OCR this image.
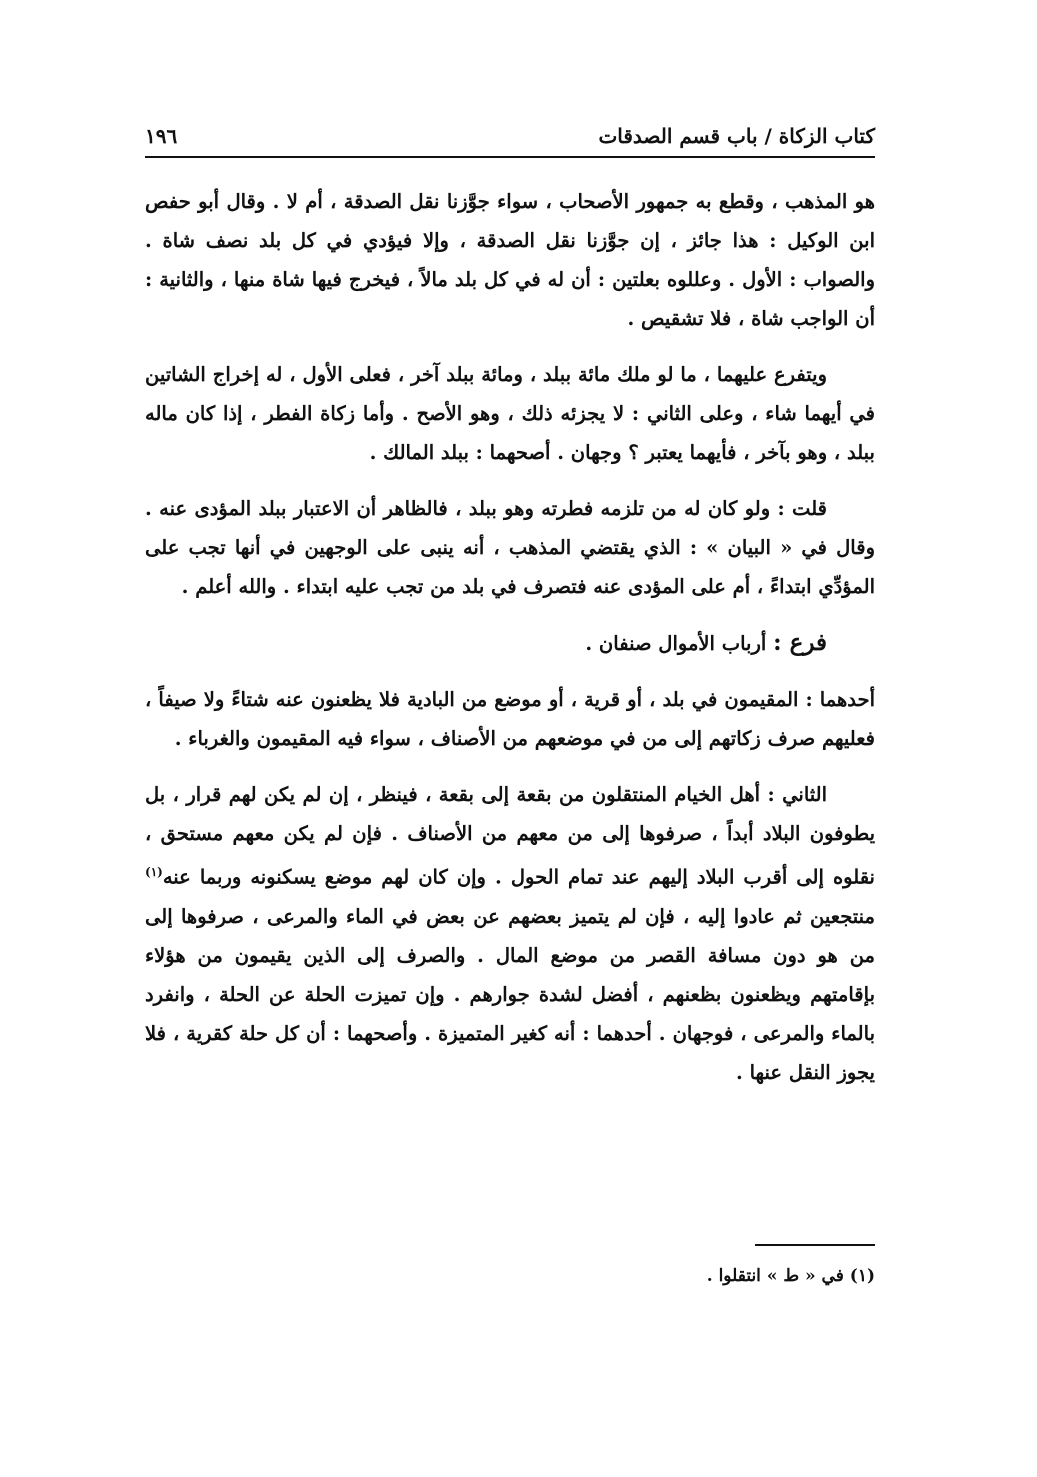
كتاب الزكاة / باب قسم الصدقات
١٩٦

هو المذهب ، وقطع به جمهور الأصحاب ، سواء جوَّزنا نقل الصدقة ، أم لا . وقال أبو حفص ابن الوكيل : هذا جائز ، إن جوَّزنا نقل الصدقة ، وإلا فيؤدي في كل بلد نصف شاة . والصواب : الأول . وعللوه بعلتين : أن له في كل بلد مالاً ، فيخرج فيها شاة منها ، والثانية : أن الواجب شاة ، فلا تشقيص .

ويتفرع عليهما ، ما لو ملك مائة ببلد ، ومائة ببلد آخر ، فعلى الأول ، له إخراج الشاتين في أيهما شاء ، وعلى الثاني : لا يجزئه ذلك ، وهو الأصح . وأما زكاة الفطر ، إذا كان ماله ببلد ، وهو بآخر ، فأيهما يعتبر ؟ وجهان . أصحهما : ببلد المالك .

قلت : ولو كان له من تلزمه فطرته وهو ببلد ، فالظاهر أن الاعتبار ببلد المؤدى عنه . وقال في « البيان » : الذي يقتضي المذهب ، أنه ينبى على الوجهين في أنها تجب على المؤدِّي ابتداءً ، أم على المؤدى عنه فتصرف في بلد من تجب عليه ابتداء . والله أعلم .

فرع : أرباب الأموال صنفان .

أحدهما : المقيمون في بلد ، أو قرية ، أو موضع من البادية فلا يظعنون عنه شتاءً ولا صيفاً ، فعليهم صرف زكاتهم إلى من في موضعهم من الأصناف ، سواء فيه المقيمون والغرباء .

الثاني : أهل الخيام المنتقلون من بقعة إلى بقعة ، فينظر ، إن لم يكن لهم قرار ، بل يطوفون البلاد أبداً ، صرفوها إلى من معهم من الأصناف . فإن لم يكن معهم مستحق ، نقلوه إلى أقرب البلاد إليهم عند تمام الحول . وإن كان لهم موضع يسكنونه وربما عنه$^{(١)}$ منتجعين ثم عادوا إليه ، فإن لم يتميز بعضهم عن بعض في الماء والمرعى ، صرفوها إلى من هو دون مسافة القصر من موضع المال . والصرف إلى الذين يقيمون من هؤلاء بإقامتهم ويظعنون بظعنهم ، أفضل لشدة جوارهم . وإن تميزت الحلة عن الحلة ، وانفرد بالماء والمرعى ، فوجهان . أحدهما : أنه كغير المتميزة . وأصحهما : أن كل حلة كقرية ، فلا يجوز النقل عنها .

(١) في « ط » انتقلوا .
